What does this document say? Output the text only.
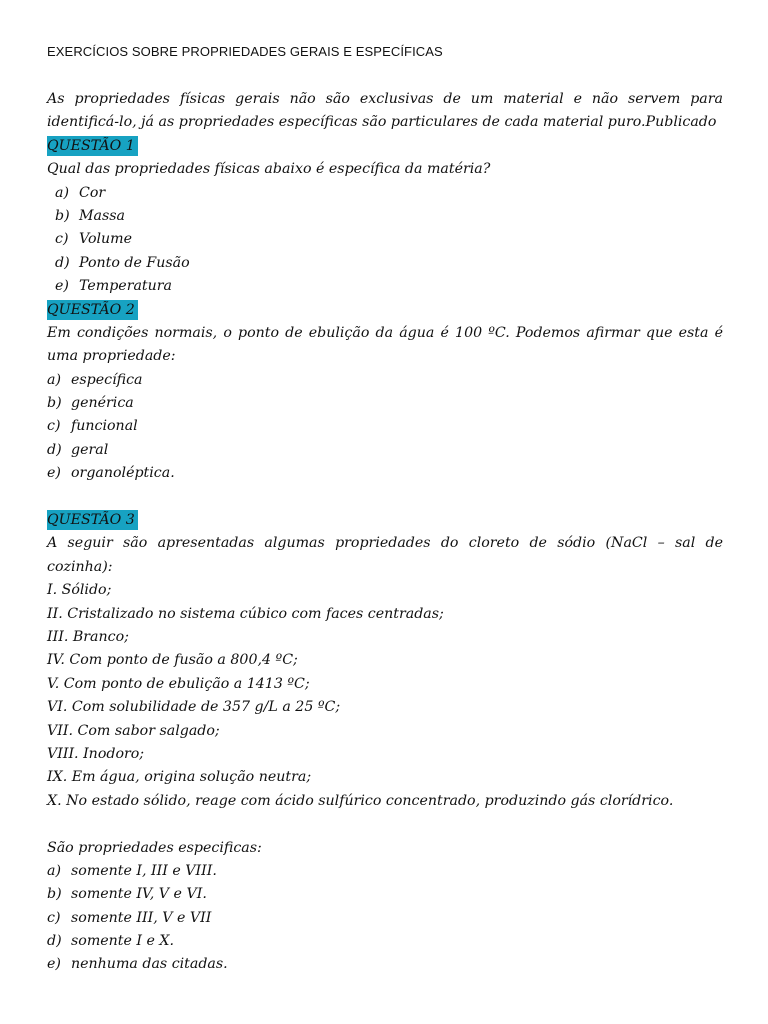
EXERCÍCIOS SOBRE PROPRIEDADES GERAIS E ESPECÍFICAS
As propriedades físicas gerais não são exclusivas de um material e não servem para
identificá-lo, já as propriedades específicas são particulares de cada material puro.Publicado
QUESTÃO 1
Qual das propriedades físicas abaixo é específica da matéria?
a) Cor
b) Massa
c) Volume
d) Ponto de Fusão
e) Temperatura
QUESTÃO 2
Em condições normais, o ponto de ebulição da água é 100 ºC. Podemos afirmar que esta é
uma propriedade:
a) específica
b) genérica
c) funcional
d) geral
e) organoléptica.
QUESTÃO 3
A seguir são apresentadas algumas propriedades do cloreto de sódio (NaCl – sal de
cozinha):
I. Sólido;
II. Cristalizado no sistema cúbico com faces centradas;
III. Branco;
IV. Com ponto de fusão a 800,4 ºC;
V. Com ponto de ebulição a 1413 ºC;
VI. Com solubilidade de 357 g/L a 25 ºC;
VII. Com sabor salgado;
VIII. Inodoro;
IX. Em água, origina solução neutra;
X. No estado sólido, reage com ácido sulfúrico concentrado, produzindo gás clorídrico.
São propriedades especificas:
a) somente I, III e VIII.
b) somente IV, V e VI.
c) somente III, V e VII
d) somente I e X.
e) nenhuma das citadas.
